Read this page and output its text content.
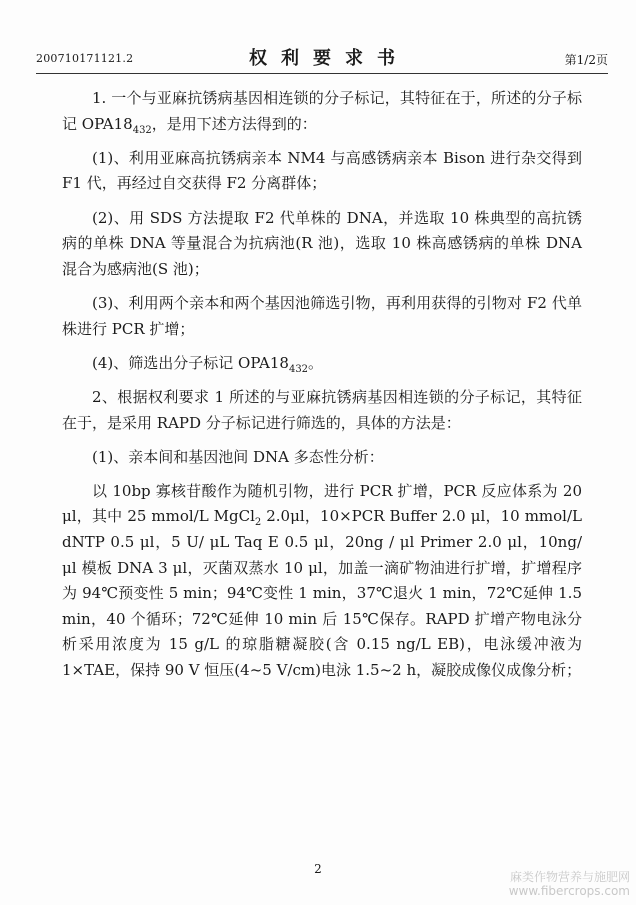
200710171121.2	权利要求书	第1/2页

1. 一个与亚麻抗锈病基因相连锁的分子标记，其特征在于，所述的分子标记 $OPA18_{432}$，是用下述方法得到的：

(1)、利用亚麻高抗锈病亲本 NM4 与高感锈病亲本 Bison 进行杂交得到 F1 代，再经过自交获得 F2 分离群体；

(2)、用 SDS 方法提取 F2 代单株的 DNA，并选取 10 株典型的高抗锈病的单株 DNA 等量混合为抗病池(R 池)，选取 10 株高感锈病的单株 DNA 混合为感病池(S 池)；

(3)、利用两个亲本和两个基因池筛选引物，再利用获得的引物对 F2 代单株进行 PCR 扩增；

(4)、筛选出分子标记 $OPA18_{432}$。

2、根据权利要求 1 所述的与亚麻抗锈病基因相连锁的分子标记，其特征在于，是采用 RAPD 分子标记进行筛选的，具体的方法是：

(1)、亲本间和基因池间 DNA 多态性分析：

以 10bp 寡核苷酸作为随机引物，进行 PCR 扩增，PCR 反应体系为 20 μl，其中 25 mmol/L MgCl$_2$ 2.0μl，10×PCR Buffer 2.0 μl，10 mmol/L dNTP 0.5 μl，5 U/ μL Taq E 0.5 μl，20ng / μl Primer 2.0 μl，10ng/ μl 模板 DNA 3 μl，灭菌双蒸水 10 μl，加盖一滴矿物油进行扩增，扩增程序为 94℃预变性 5 min；94℃变性 1 min，37℃退火 1 min，72℃延伸 1.5 min，40 个循环；72℃延伸 10 min 后 15℃保存。RAPD 扩增产物电泳分析采用浓度为 15 g/L 的琼脂糖凝胶(含 0.15 ng/L EB)，电泳缓冲液为 1×TAE，保持 90 V 恒压(4~5 V/cm)电泳 1.5~2 h，凝胶成像仪成像分析；

2
麻类作物营养与施肥网
www.fibercrops.com
